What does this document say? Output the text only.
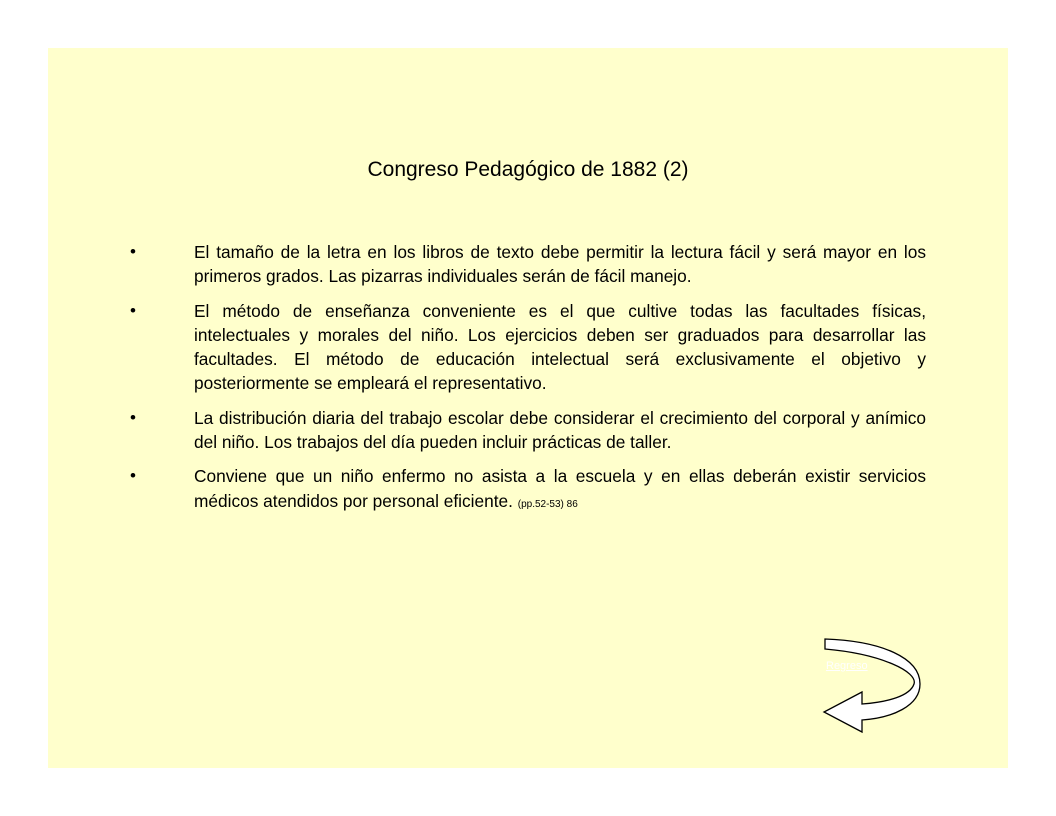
Congreso Pedagógico de 1882 (2)
•	El tamaño de la letra en los libros de texto debe permitir la lectura fácil y será mayor en los primeros grados. Las pizarras individuales serán de fácil manejo.
•	El método de enseñanza conveniente es el que cultive todas las facultades físicas, intelectuales y morales del niño. Los ejercicios deben ser graduados para desarrollar las facultades. El método de educación intelectual será exclusivamente el objetivo y posteriormente se empleará el representativo.
•	La distribución diaria del trabajo escolar debe considerar el crecimiento del corporal y anímico del niño. Los trabajos del día pueden incluir prácticas de taller.
•	Conviene que un niño enfermo no asista a la escuela y en ellas deberán existir servicios médicos atendidos por personal eficiente. (pp.52-53) 86
Regreso
